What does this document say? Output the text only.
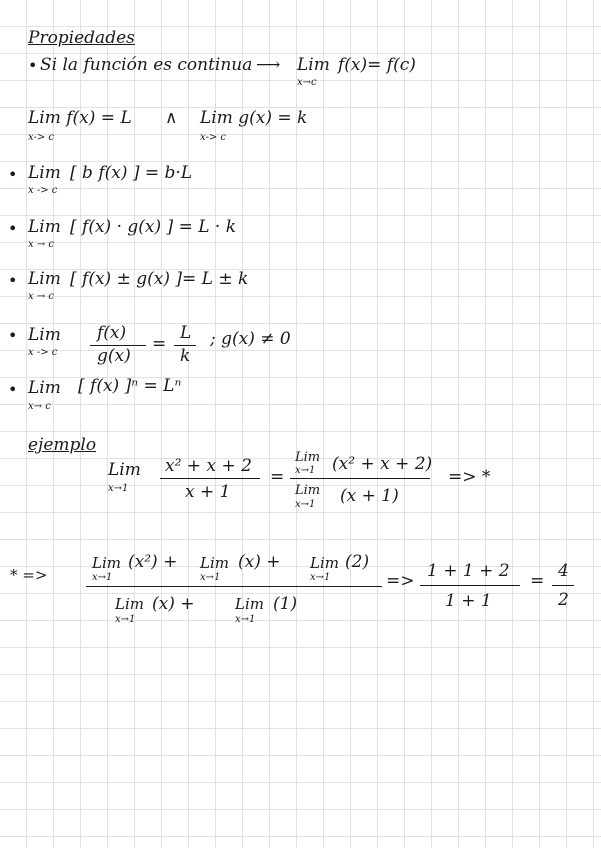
Propiedades
• Si la función es continua ⟶ Lim
x→c
f(x)= f(c)
Lim f(x) = L
x-> c
∧ Lim g(x) = k
x-> c
• Lim
x -> c
[ b f(x) ] = b·L
• Lim
x → c
[ f(x) · g(x) ] = L · k
• Lim
x → c
[ f(x) ± g(x) ]= L ± k
• Lim
x -> c
f(x)
g(x)
=
L
k
; g(x) ≠ 0
• Lim
x→ c
[ f(x) ]ⁿ = Lⁿ
ejemplo
Lim
x→1
x² + x + 2
x + 1
=
Lim
x→1 (x² + x + 2)
Lim
x→1 (x + 1)
=> *
* =>
Lim
x→1
(x²) + Lim
x→1
(x) + Lim
x→1
(2)
Lim
x→1
(x) +	Lim
x→1
(1)
=> 1 + 1 + 2
1 + 1
= 4
2
